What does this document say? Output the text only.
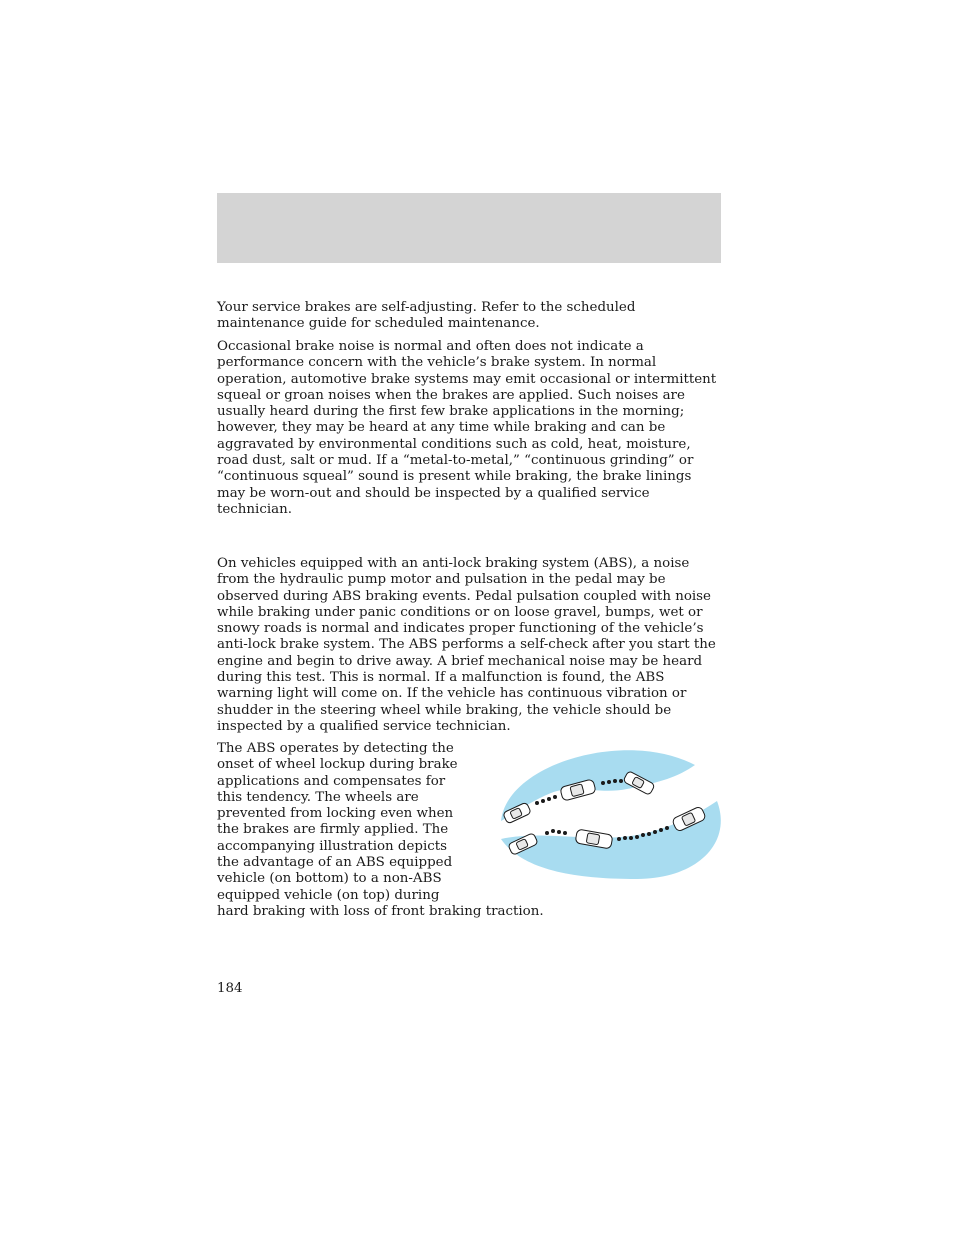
Your service brakes are self-adjusting. Refer to the scheduled maintenance guide for scheduled maintenance.

Occasional brake noise is normal and often does not indicate a performance concern with the vehicle’s brake system. In normal operation, automotive brake systems may emit occasional or intermittent squeal or groan noises when the brakes are applied. Such noises are usually heard during the first few brake applications in the morning; however, they may be heard at any time while braking and can be aggravated by environmental conditions such as cold, heat, moisture, road dust, salt or mud. If a “metal-to-metal,” “continuous grinding” or “continuous squeal” sound is present while braking, the brake linings may be worn-out and should be inspected by a qualified service technician.

On vehicles equipped with an anti-lock braking system (ABS), a noise from the hydraulic pump motor and pulsation in the pedal may be observed during ABS braking events. Pedal pulsation coupled with noise while braking under panic conditions or on loose gravel, bumps, wet or snowy roads is normal and indicates proper functioning of the vehicle’s anti-lock brake system. The ABS performs a self-check after you start the engine and begin to drive away. A brief mechanical noise may be heard during this test. This is normal. If a malfunction is found, the ABS warning light will come on. If the vehicle has continuous vibration or shudder in the steering wheel while braking, the vehicle should be inspected by a qualified service technician.

The ABS operates by detecting the onset of wheel lockup during brake applications and compensates for this tendency. The wheels are prevented from locking even when the brakes are firmly applied. The accompanying illustration depicts the advantage of an ABS equipped vehicle (on bottom) to a non-ABS equipped vehicle (on top) during hard braking with loss of front braking traction.
184
